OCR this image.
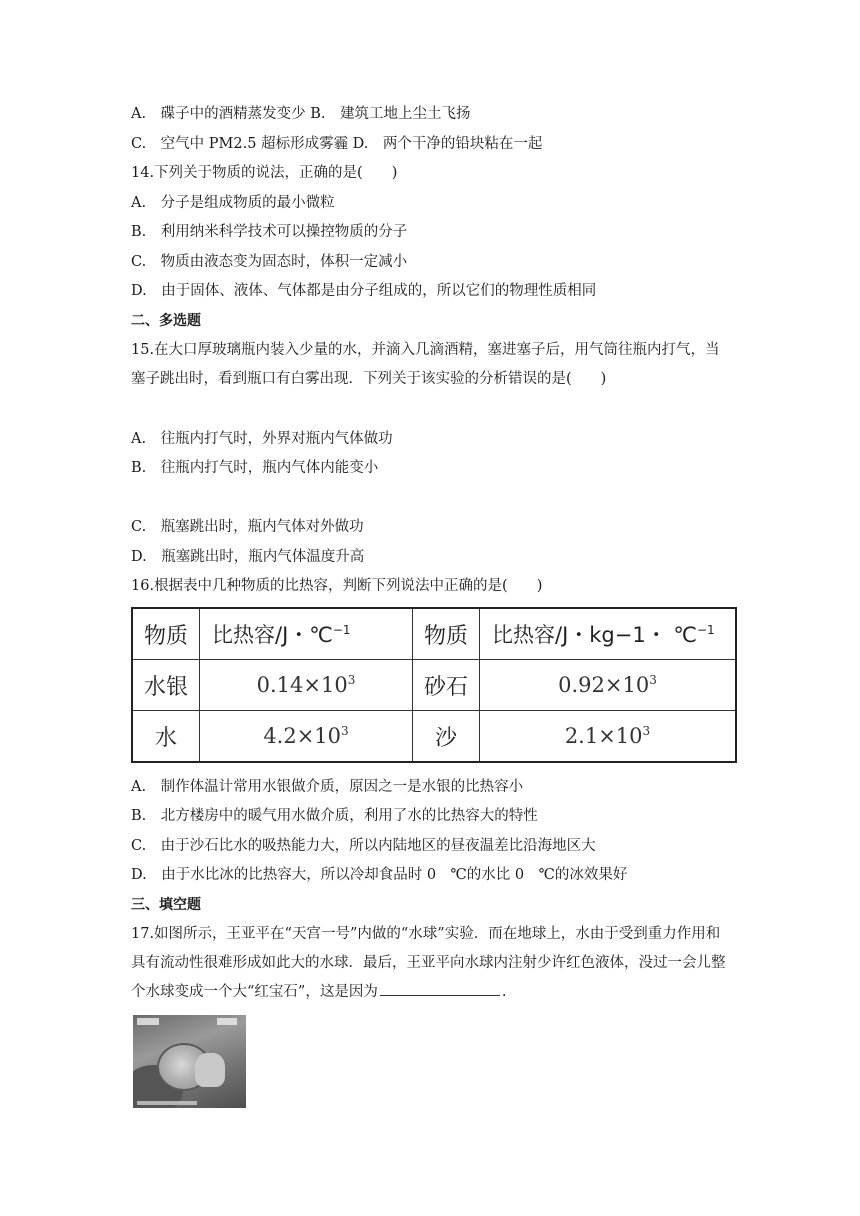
A.　碟子中的酒精蒸发变少 B.　建筑工地上尘土飞扬
C.　空气中 PM2.5 超标形成雾霾 D.　两个干净的铅块粘在一起
14.下列关于物质的说法，正确的是(　　)
A.　分子是组成物质的最小微粒
B.　利用纳米科学技术可以操控物质的分子
C.　物质由液态变为固态时，体积一定减小
D.　由于固体、液体、气体都是由分子组成的，所以它们的物理性质相同
二、多选题
15.在大口厚玻璃瓶内装入少量的水，并滴入几滴酒精，塞进塞子后，用气筒往瓶内打气，当塞子跳出时，看到瓶口有白雾出现．下列关于该实验的分析错误的是(　　)
A.　往瓶内打气时，外界对瓶内气体做功
B.　往瓶内打气时，瓶内气体内能变小
C.　瓶塞跳出时，瓶内气体对外做功
D.　瓶塞跳出时，瓶内气体温度升高
16.根据表中几种物质的比热容，判断下列说法中正确的是(　　)
物质	比热容/J・℃$^{-1}$	物质	比热容/J・kg−1・ ℃$^{-1}$
水银	$0.14\times 10^3$	砂石	$0.92\times 10^3$
水	$4.2\times 10^3$	沙	$2.1\times 10^3$
A.　制作体温计常用水银做介质，原因之一是水银的比热容小
B.　北方楼房中的暖气用水做介质，利用了水的比热容大的特性
C.　由于沙石比水的吸热能力大，所以内陆地区的昼夜温差比沿海地区大
D.　由于水比冰的比热容大，所以冷却食品时 0　℃的水比 0　℃的冰效果好
三、填空题
17.如图所示，王亚平在“天宫一号”内做的“水球”实验．而在地球上，水由于受到重力作用和具有流动性很难形成如此大的水球．最后，王亚平向水球内注射少许红色液体，没过一会儿整个水球变成一个大“红宝石”，这是因为	.
